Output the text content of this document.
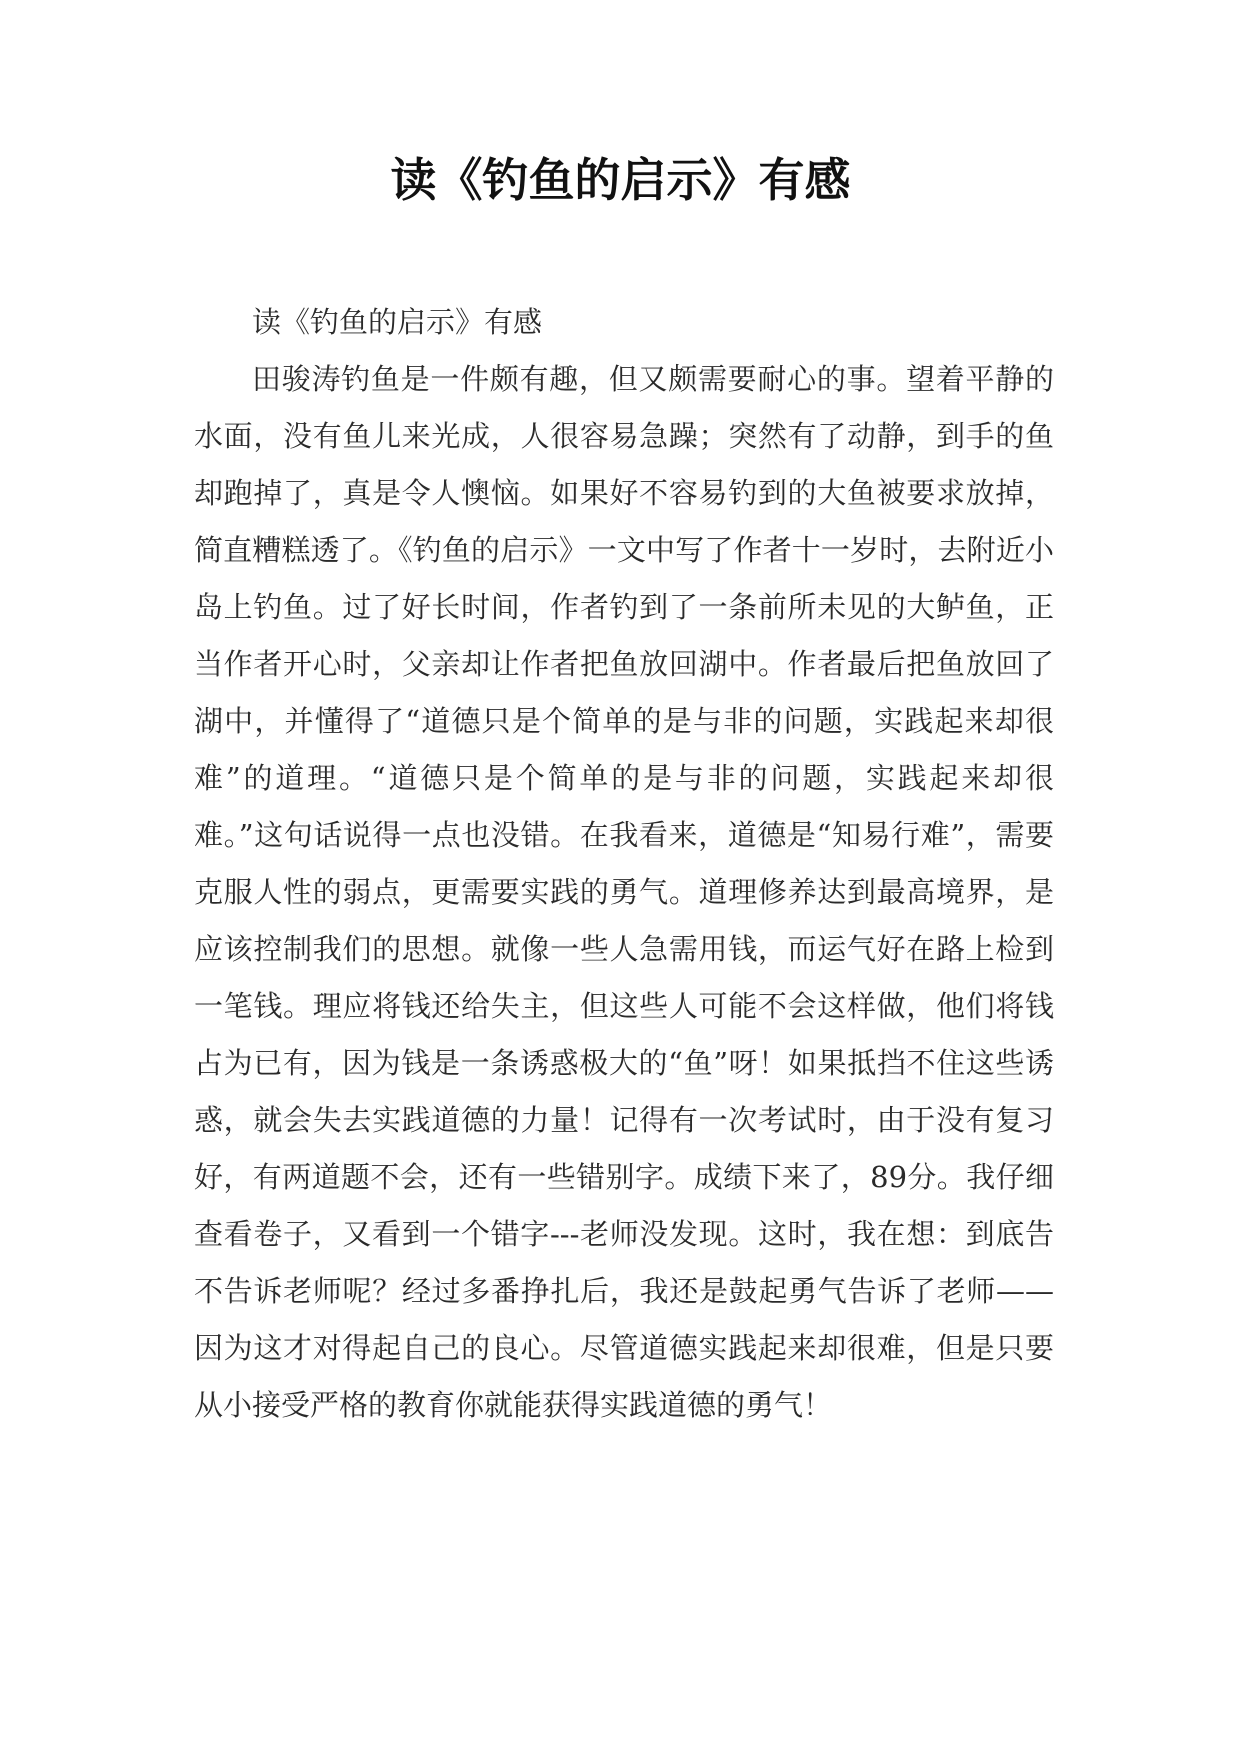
读《钓鱼的启示》有感

读《钓鱼的启示》有感

田骏涛钓鱼是一件颇有趣，但又颇需要耐心的事。望着平静的水面，没有鱼儿来光成，人很容易急躁；突然有了动静，到手的鱼却跑掉了，真是令人懊恼。如果好不容易钓到的大鱼被要求放掉，简直糟糕透了。《钓鱼的启示》一文中写了作者十一岁时，去附近小岛上钓鱼。过了好长时间，作者钓到了一条前所未见的大鲈鱼，正当作者开心时，父亲却让作者把鱼放回湖中。作者最后把鱼放回了湖中，并懂得了“道德只是个简单的是与非的问题，实践起来却很难”的道理。“道德只是个简单的是与非的问题，实践起来却很难。”这句话说得一点也没错。在我看来，道德是“知易行难”，需要克服人性的弱点，更需要实践的勇气。道理修养达到最高境界，是应该控制我们的思想。就像一些人急需用钱，而运气好在路上检到一笔钱。理应将钱还给失主，但这些人可能不会这样做，他们将钱占为已有，因为钱是一条诱惑极大的“鱼”呀！如果抵挡不住这些诱惑，就会失去实践道德的力量！记得有一次考试时，由于没有复习好，有两道题不会，还有一些错别字。成绩下来了，89分。我仔细查看卷子，又看到一个错字---老师没发现。这时，我在想：到底告不告诉老师呢？经过多番挣扎后，我还是鼓起勇气告诉了老师——因为这才对得起自己的良心。尽管道德实践起来却很难，但是只要从小接受严格的教育你就能获得实践道德的勇气！
